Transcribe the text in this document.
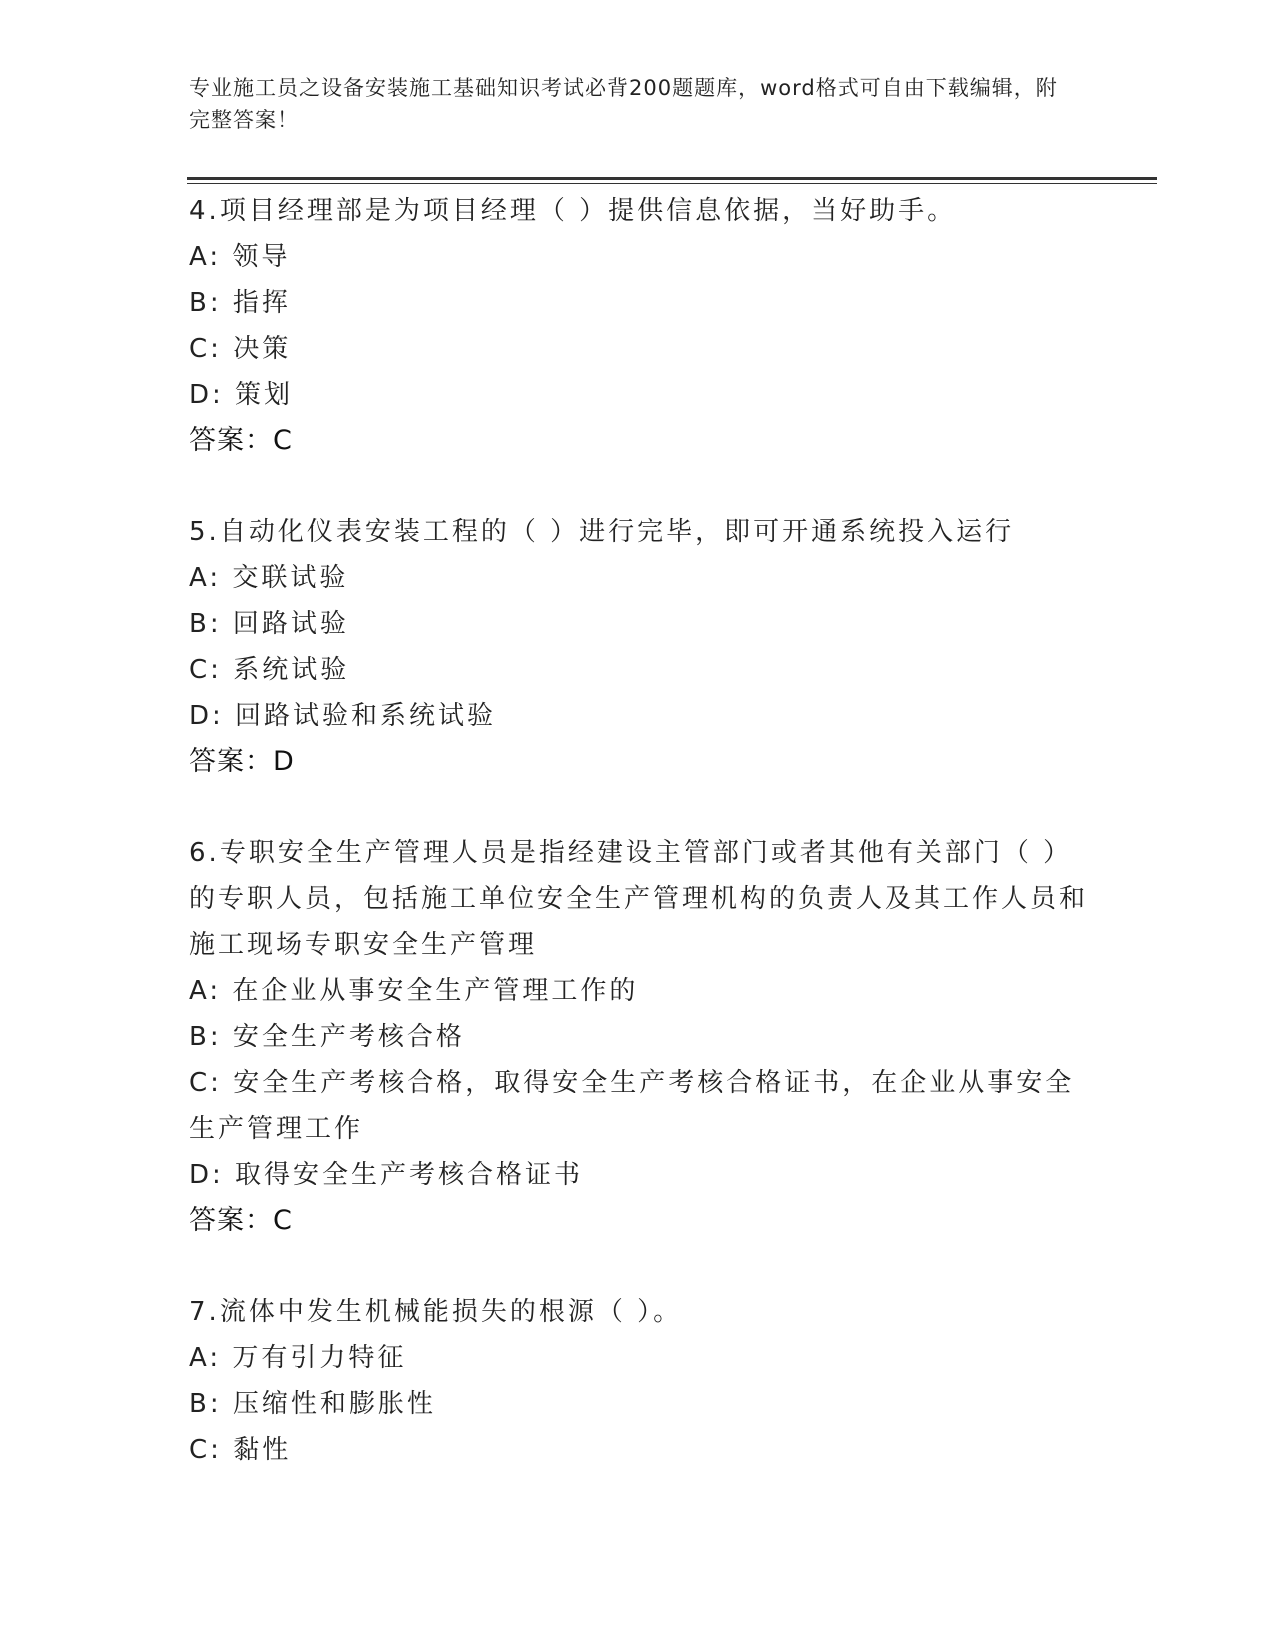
专业施工员之设备安装施工基础知识考试必背200题题库，word格式可自由下载编辑，附完整答案！

4.项目经理部是为项目经理（ ）提供信息依据，当好助手。

A: 领导

B: 指挥

C: 决策

D: 策划

答案：C

5.自动化仪表安装工程的（ ）进行完毕，即可开通系统投入运行

A: 交联试验

B: 回路试验

C: 系统试验

D: 回路试验和系统试验

答案：D

6.专职安全生产管理人员是指经建设主管部门或者其他有关部门（ ）的专职人员，包括施工单位安全生产管理机构的负责人及其工作人员和施工现场专职安全生产管理

A: 在企业从事安全生产管理工作的

B: 安全生产考核合格

C: 安全生产考核合格，取得安全生产考核合格证书，在企业从事安全生产管理工作

D: 取得安全生产考核合格证书

答案：C

7.流体中发生机械能损失的根源（ ）。

A: 万有引力特征

B: 压缩性和膨胀性

C: 黏性
